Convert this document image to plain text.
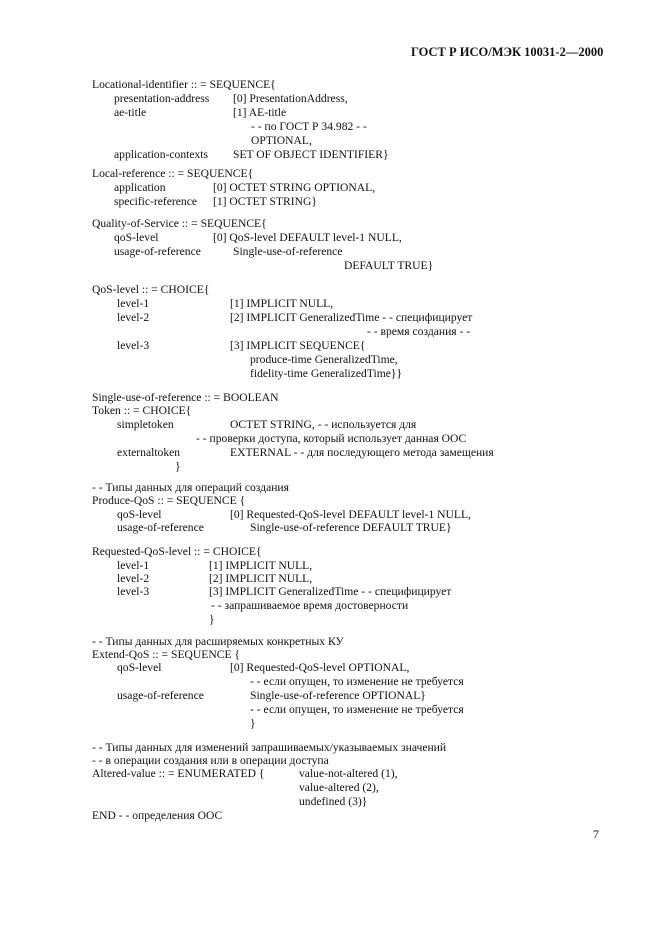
ГОСТ Р ИСО/МЭК 10031-2—2000
Locational-identifier :: = SEQUENCE{
presentation-address [0] PresentationAddress,
ae-title	[1] AE-title
- - по ГОСТ Р 34.982 - -
OPTIONAL,
application-contexts SET OF OBJECT IDENTIFIER}
Local-reference :: = SEQUENCE{
application	[0] OCTET STRING OPTIONAL,
specific-reference [1] OCTET STRING}
Quality-of-Service :: = SEQUENCE{
qoS-level	[0] QoS-level DEFAULT level-1 NULL,
usage-of-reference	Single-use-of-reference
DEFAULT TRUE}
QoS-level :: = CHOICE{
level-1	[1] IMPLICIT NULL,
level-2	[2] IMPLICIT GeneralizedTime - - специфицирует
- - время создания - -
level-3	[3] IMPLICIT SEQUENCE{
produce-time GeneralizedTime,
fidelity-time GeneralizedTime}}
Single-use-of-reference :: = BOOLEAN
Token :: = CHOICE{
simpletoken	OCTET STRING, - - используется для
- - проверки доступа, который использует данная ООС
externaltoken	EXTERNAL - - для последующего метода замещения
}
- - Типы данных для операций создания
Produce-QoS :: = SEQUENCE {
qoS-level	[0] Requested-QoS-level DEFAULT level-1 NULL,
usage-of-reference	Single-use-of-reference DEFAULT TRUE}
Requested-QoS-level :: = CHOICE{
level-1	[1] IMPLICIT NULL,
level-2	[2] IMPLICIT NULL,
level-3	[3] IMPLICIT GeneralizedTime - - специфицирует
- - запрашиваемое время достоверности
}
- - Типы данных для расширяемых конкретных КУ
Extend-QoS :: = SEQUENCE {
qoS-level	[0] Requested-QoS-level OPTIONAL,
- - если опущен, то изменение не требуется
usage-of-reference	Single-use-of-reference OPTIONAL}
- - если опущен, то изменение не требуется
}
- - Типы данных для изменений запрашиваемых/указываемых значений
- - в операции создания или в операции доступа
Altered-value :: = ENUMERATED {	value-not-altered (1),
value-altered (2),
undefined (3)}
END - - определения ООС
7
